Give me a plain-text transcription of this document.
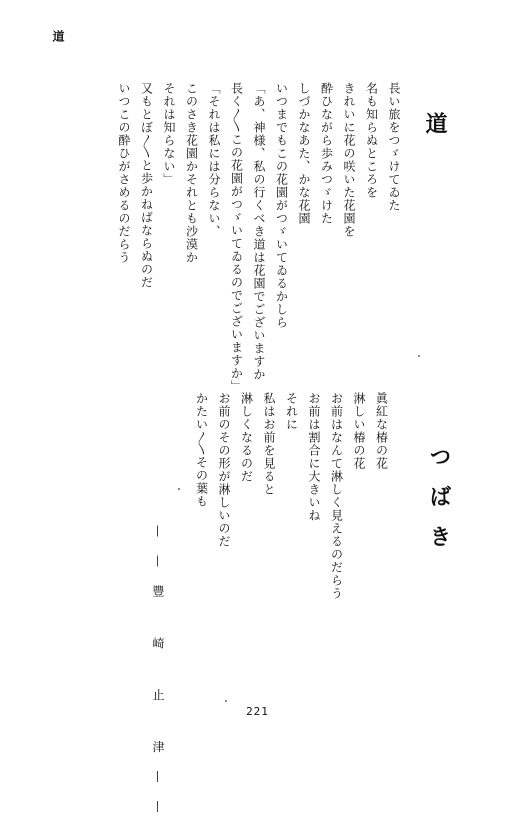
道
道
長い旅をつゞけてゐた
名も知らぬところを
きれいに花の咲いた花園を
酔ひながら歩みつゞけた
しづかなあた、かな花園
いつまでもこの花園がつゞいてゐるかしら
「あ、神様、私の行くべき道は花園でございますか
長く〳〵この花園がつゞいてゐるのでございますか」
「それは私には分らない、
このさき花園かそれとも沙漠か
それは知らない」
又もとぼ〳〵と歩かねばならぬのだ
いつこの酔ひがさめるのだらう
つばき
眞紅な椿の花
淋しい椿の花
お前はなんて淋しく見えるのだらう
お前は割合に大きいね
それに
私はお前を見ると
淋しくなるのだ
お前のその形が淋しいのだ
かたい〳〵その葉も
——豐 崎 止 津——	221
